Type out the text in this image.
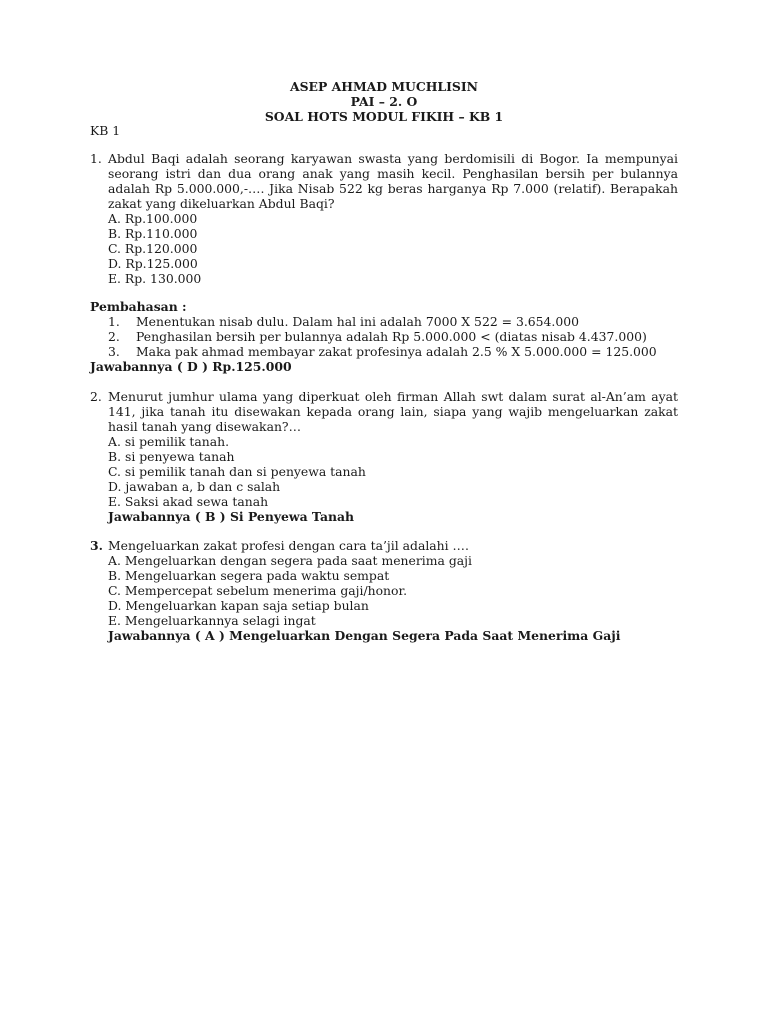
ASEP AHMAD MUCHLISIN
PAI – 2. O
SOAL HOTS MODUL FIKIH – KB 1
KB 1
1. Abdul Baqi adalah seorang karyawan swasta yang berdomisili di Bogor. Ia mempunyai seorang istri dan dua orang anak yang masih kecil. Penghasilan bersih per bulannya adalah Rp 5.000.000,-…. Jika Nisab 522 kg beras harganya Rp 7.000 (relatif). Berapakah zakat yang dikeluarkan Abdul Baqi?
A. Rp.100.000
B. Rp.110.000
C. Rp.120.000
D. Rp.125.000
E. Rp. 130.000
Pembahasan :
1.	Menentukan nisab dulu. Dalam hal ini adalah 7000 X 522 = 3.654.000
2.	Penghasilan bersih per bulannya adalah Rp 5.000.000 < (diatas nisab 4.437.000)
3.	Maka pak ahmad membayar zakat profesinya adalah 2.5 % X 5.000.000 = 125.000
Jawabannya ( D ) Rp.125.000
2. Menurut jumhur ulama yang diperkuat oleh firman Allah swt dalam surat al-An’am ayat 141, jika tanah itu disewakan kepada orang lain, siapa yang wajib mengeluarkan zakat hasil tanah yang disewakan?…
A. si pemilik tanah.
B. si penyewa tanah
C. si pemilik tanah dan si penyewa tanah
D. jawaban a, b dan c salah
E. Saksi akad sewa tanah
Jawabannya ( B ) Si Penyewa Tanah
3. Mengeluarkan zakat profesi dengan cara ta’jil adalahi ….
A. Mengeluarkan dengan segera pada saat menerima gaji
B. Mengeluarkan segera pada waktu sempat
C. Mempercepat sebelum menerima gaji/honor.
D. Mengeluarkan kapan saja setiap bulan
E. Mengeluarkannya selagi ingat
Jawabannya ( A ) Mengeluarkan Dengan Segera Pada Saat Menerima Gaji
